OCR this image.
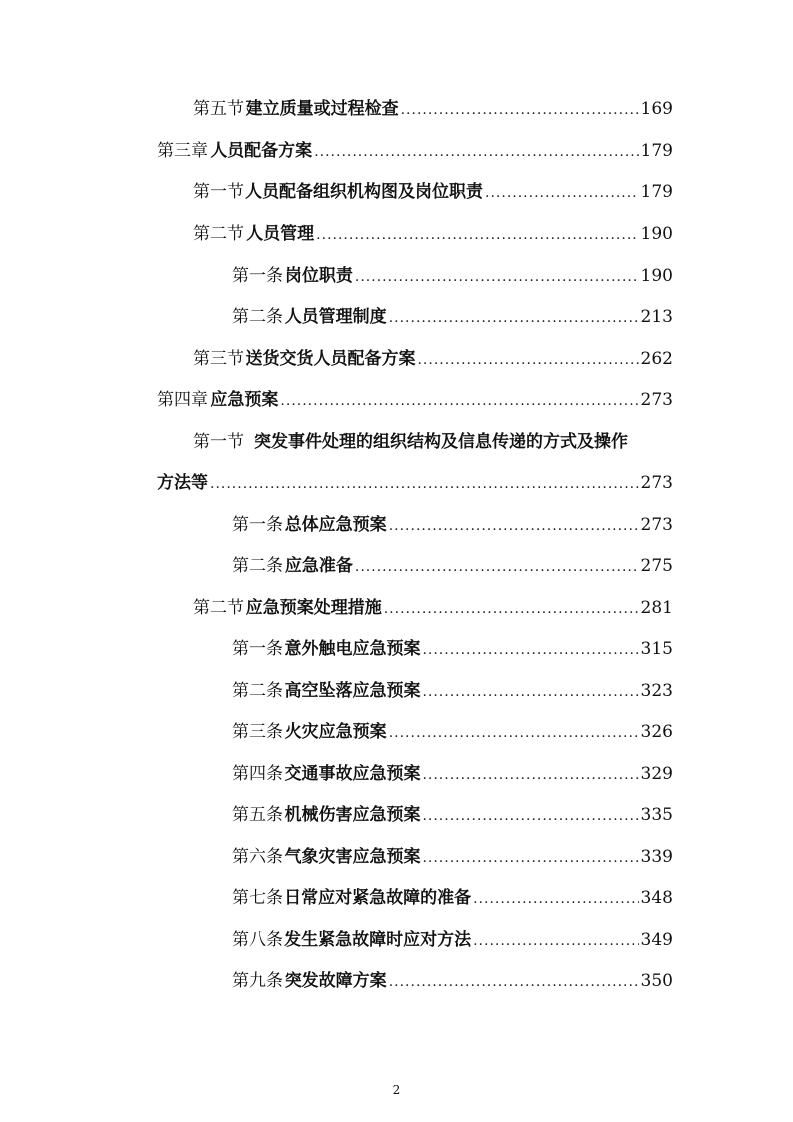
第五节 建立质量或过程检查 .....	169
第三章 人员配备方案 .....	179
第一节 人员配备组织机构图及岗位职责 .....	179
第二节 人员管理 .....	190
第一条 岗位职责 .....	190
第二条 人员管理制度 .....	213
第三节 送货交货人员配备方案 .....	262
第四章 应急预案 .....	273
第一节 突发事件处理的组织结构及信息传递的方式及操作
方法等 .....	273
第一条 总体应急预案 .....	273
第二条 应急准备 .....	275
第二节 应急预案处理措施 .....	281
第一条 意外触电应急预案 .....	315
第二条 高空坠落应急预案 .....	323
第三条 火灾应急预案 .....	326
第四条 交通事故应急预案 .....	329
第五条 机械伤害应急预案 .....	335
第六条 气象灾害应急预案 .....	339
第七条 日常应对紧急故障的准备 .....	348
第八条 发生紧急故障时应对方法 .....	349
第九条 突发故障方案 .....	350
2
